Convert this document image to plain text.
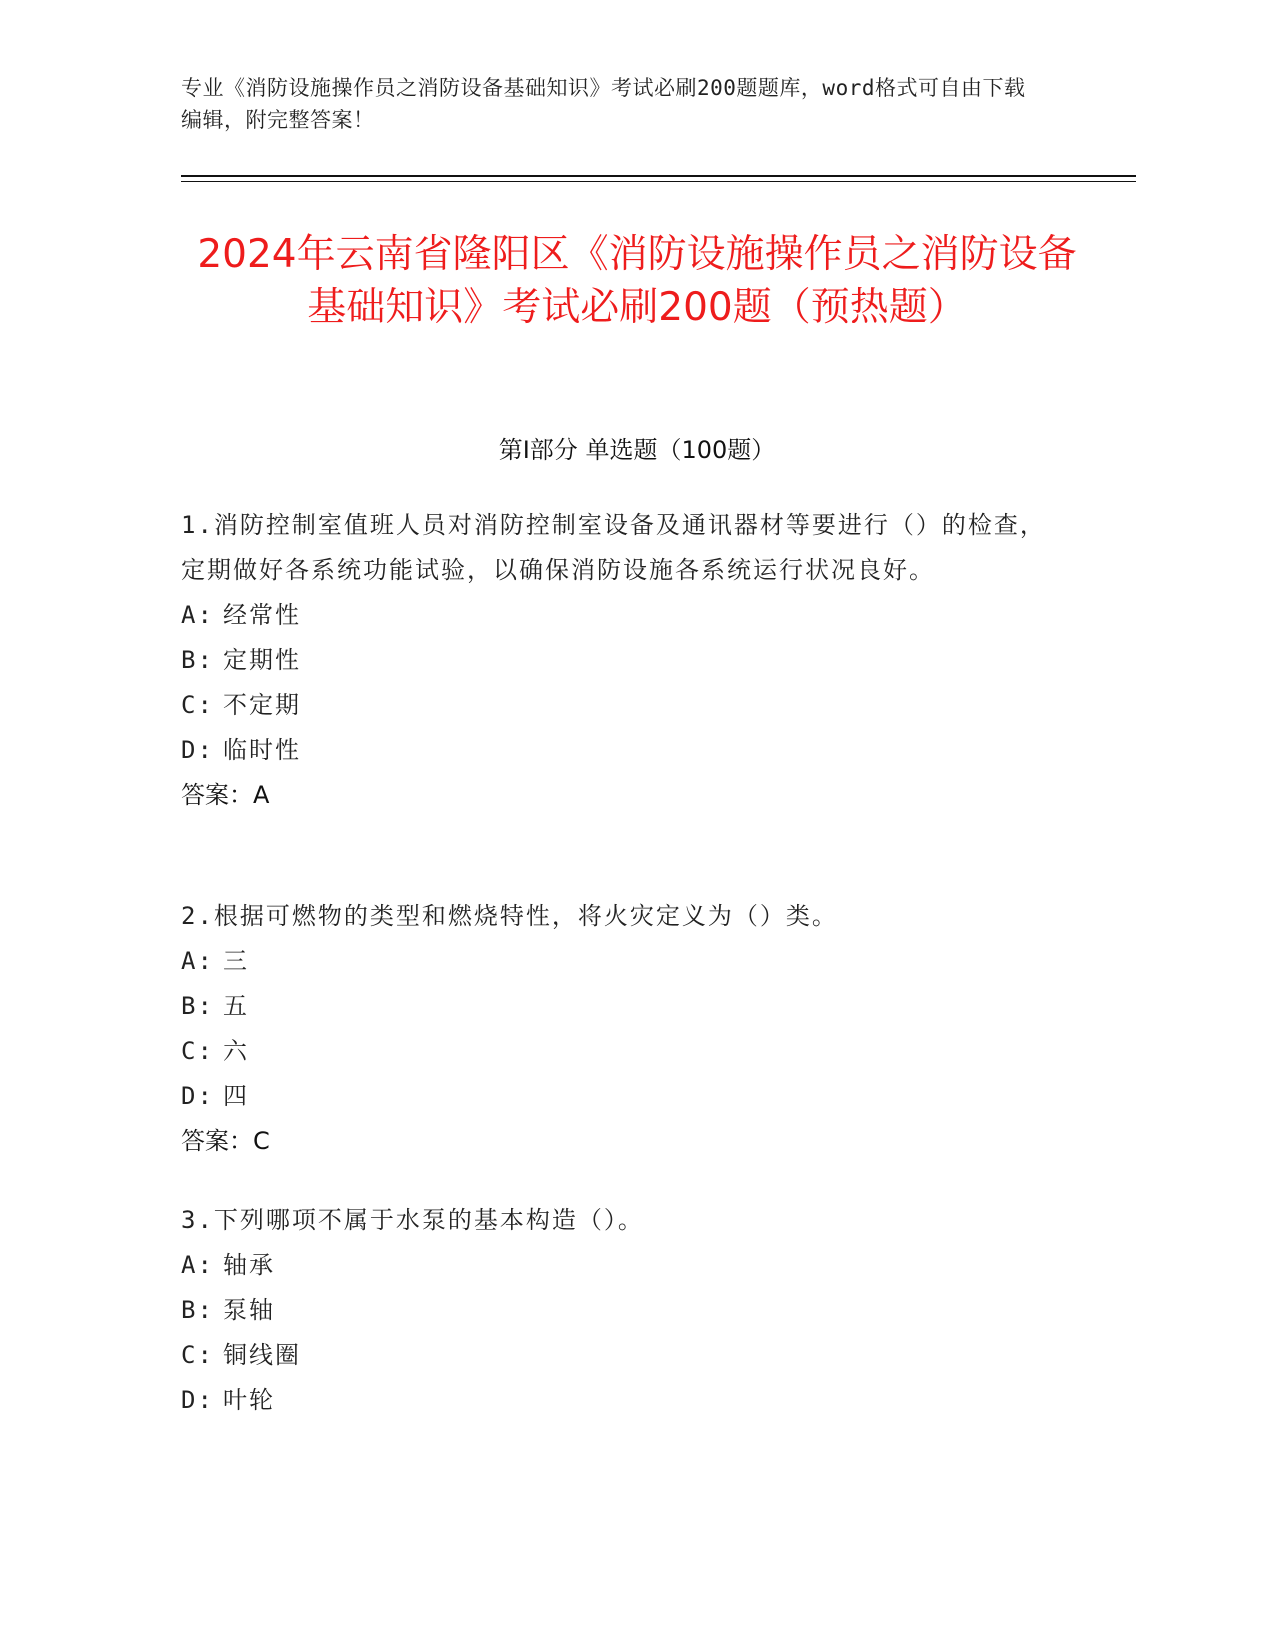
专业《消防设施操作员之消防设备基础知识》考试必刷200题题库，word格式可自由下载编辑，附完整答案！
2024年云南省隆阳区《消防设施操作员之消防设备基础知识》考试必刷200题（预热题）
第I部分 单选题（100题）
1.消防控制室值班人员对消防控制室设备及通讯器材等要进行（）的检查，定期做好各系统功能试验，以确保消防设施各系统运行状况良好。
A: 经常性
B: 定期性
C: 不定期
D: 临时性
答案：A
2.根据可燃物的类型和燃烧特性，将火灾定义为（）类。
A: 三
B: 五
C: 六
D: 四
答案：C
3.下列哪项不属于水泵的基本构造（）。
A: 轴承
B: 泵轴
C: 铜线圈
D: 叶轮
